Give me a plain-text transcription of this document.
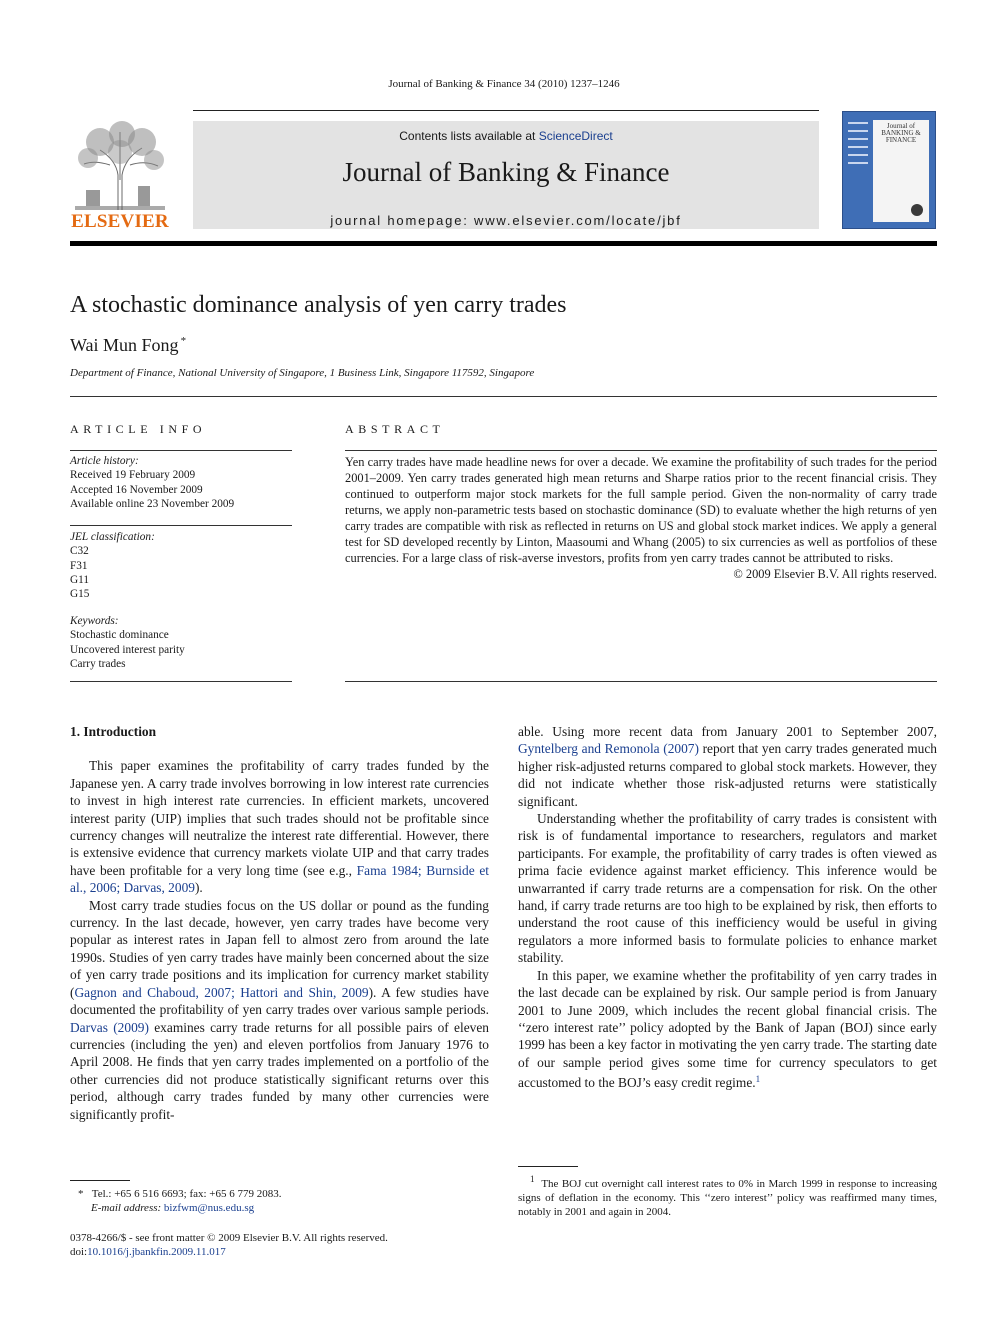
Journal of Banking & Finance 34 (2010) 1237–1246
ELSEVIER
Contents lists available at ScienceDirect
Journal of Banking & Finance
journal homepage: www.elsevier.com/locate/jbf
Journal of BANKING & FINANCE
A stochastic dominance analysis of yen carry trades
Wai Mun Fong *
Department of Finance, National University of Singapore, 1 Business Link, Singapore 117592, Singapore
ARTICLE INFO
Article history:
Received 19 February 2009
Accepted 16 November 2009
Available online 23 November 2009
JEL classification:
C32
F31
G11
G15
Keywords:
Stochastic dominance
Uncovered interest parity
Carry trades
ABSTRACT

Yen carry trades have made headline news for over a decade. We examine the profitability of such trades for the period 2001–2009. Yen carry trades generated high mean returns and Sharpe ratios prior to the recent financial crisis. They continued to outperform major stock markets for the full sample period. Given the non-normality of carry trade returns, we apply non-parametric tests based on stochastic dominance (SD) to evaluate whether the high returns of yen carry trades are compatible with risk as reflected in returns on US and global stock market indices. We apply a general test for SD developed recently by Linton, Maasoumi and Whang (2005) to six currencies as well as portfolios of these currencies. For a large class of risk-averse investors, profits from yen carry trades cannot be attributed to risks.

© 2009 Elsevier B.V. All rights reserved.

1. Introduction

This paper examines the profitability of carry trades funded by the Japanese yen. A carry trade involves borrowing in low interest rate currencies to invest in high interest rate currencies. In efficient markets, uncovered interest parity (UIP) implies that such trades should not be profitable since currency changes will neutralize the interest rate differential. However, there is extensive evidence that currency markets violate UIP and that carry trades have been profitable for a very long time (see e.g., Fama 1984; Burnside et al., 2006; Darvas, 2009).

Most carry trade studies focus on the US dollar or pound as the funding currency. In the last decade, however, yen carry trades have become very popular as interest rates in Japan fell to almost zero from around the late 1990s. Studies of yen carry trades have mainly been concerned about the size of yen carry trade positions and its implication for currency market stability (Gagnon and Chaboud, 2007; Hattori and Shin, 2009). A few studies have documented the profitability of yen carry trades over various sample periods. Darvas (2009) examines carry trade returns for all possible pairs of eleven currencies (including the yen) and eleven portfolios from January 1976 to April 2008. He finds that yen carry trades implemented on a portfolio of the other currencies did not produce statistically significant returns over this period, although carry trades funded by many other currencies were significantly profit-

able. Using more recent data from January 2001 to September 2007, Gyntelberg and Remonola (2007) report that yen carry trades generated much higher risk-adjusted returns compared to global stock markets. However, they did not indicate whether those risk-adjusted returns were statistically significant.

Understanding whether the profitability of carry trades is consistent with risk is of fundamental importance to researchers, regulators and market participants. For example, the profitability of carry trades is often viewed as prima facie evidence against market efficiency. This inference would be unwarranted if carry trade returns are a compensation for risk. On the other hand, if carry trade returns are too high to be explained by risk, then efforts to understand the root cause of this inefficiency would be useful in giving regulators a more informed basis to formulate policies to enhance market stability.

In this paper, we examine whether the profitability of yen carry trades in the last decade can be explained by risk. Our sample period is from January 2001 to June 2009, which includes the recent global financial crisis. The ‘‘zero interest rate’’ policy adopted by the Bank of Japan (BOJ) since early 1999 has been a key factor in motivating the yen carry trade. The starting date of our sample period gives some time for currency speculators to get accustomed to the BOJ’s easy credit regime.$^1$

* Tel.: +65 6 516 6693; fax: +65 6 779 2083.
E-mail address: bizfwm@nus.edu.sg
$^1$ The BOJ cut overnight call interest rates to 0% in March 1999 in response to increasing signs of deflation in the economy. This ‘‘zero interest’’ policy was reaffirmed many times, notably in 2001 and again in 2004.
0378-4266/$ - see front matter © 2009 Elsevier B.V. All rights reserved.
doi:10.1016/j.jbankfin.2009.11.017
